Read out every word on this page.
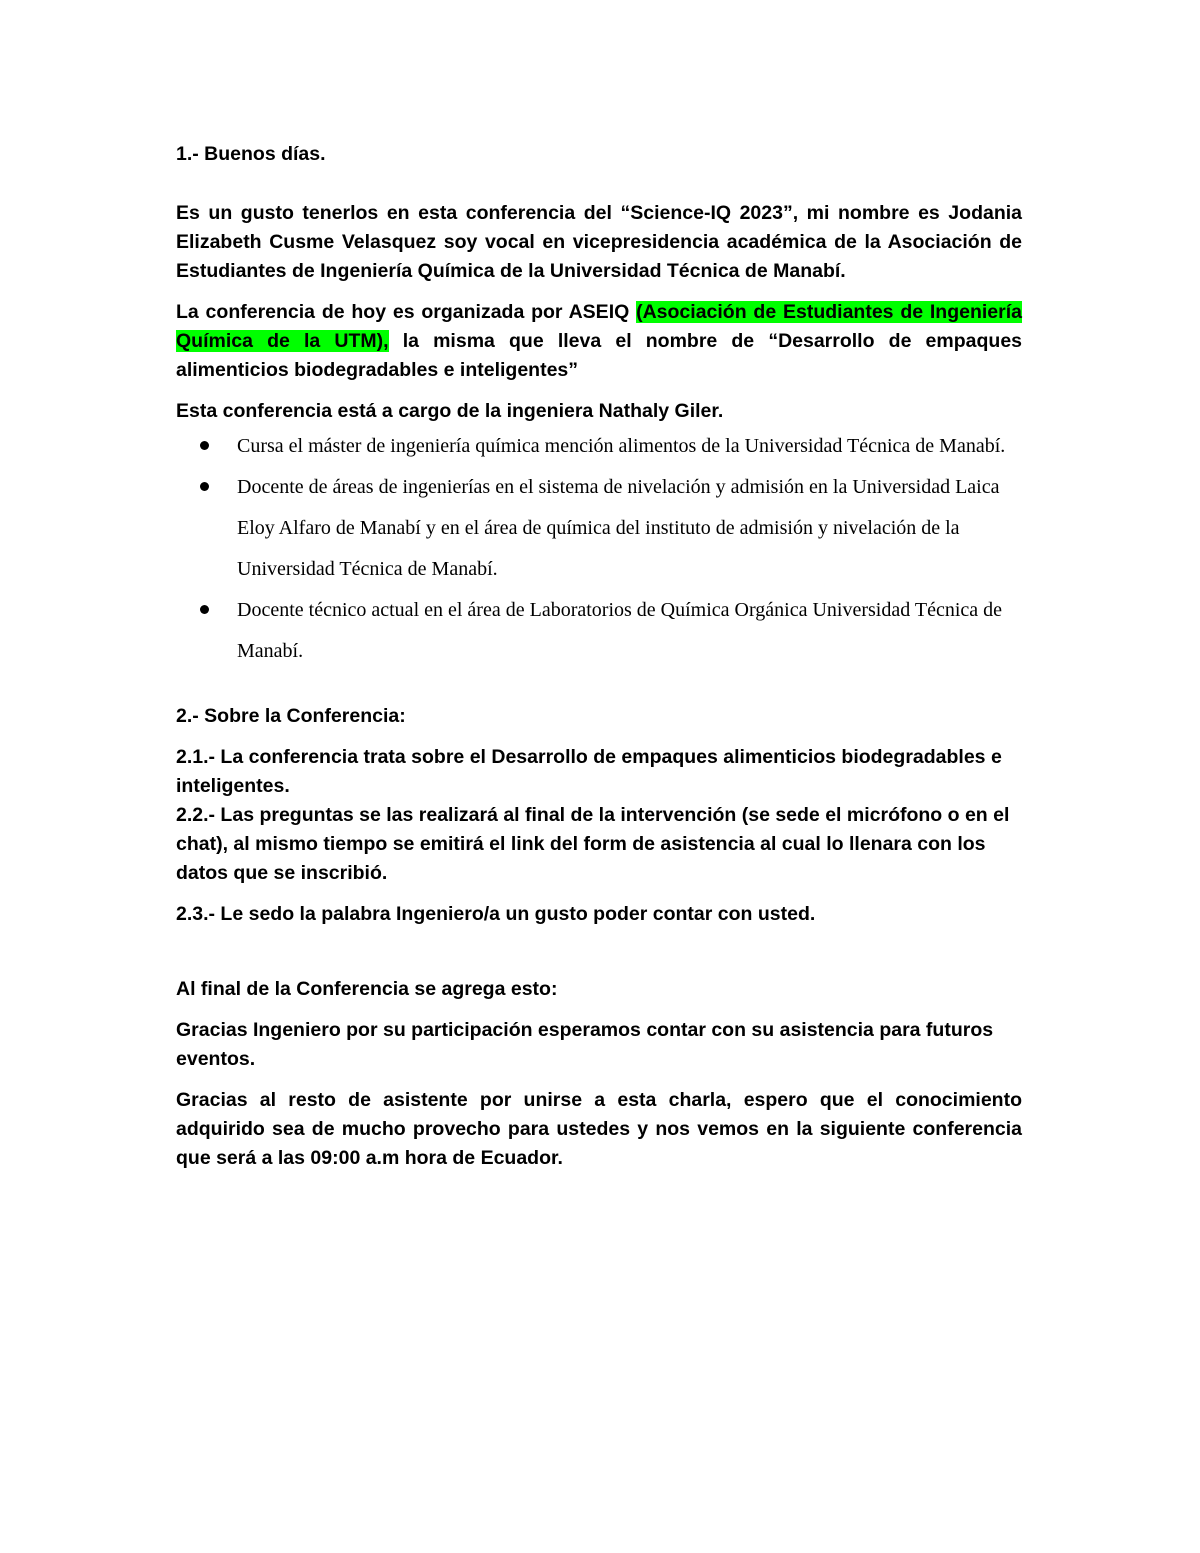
1.- Buenos días.

Es un gusto tenerlos en esta conferencia del “Science-IQ 2023”, mi nombre es Jodania Elizabeth Cusme Velasquez soy vocal en vicepresidencia académica de la Asociación de Estudiantes de Ingeniería Química de la Universidad Técnica de Manabí.

La conferencia de hoy es organizada por ASEIQ (Asociación de Estudiantes de Ingeniería Química de la UTM), la misma que lleva el nombre de “Desarrollo de empaques alimenticios biodegradables e inteligentes”

Esta conferencia está a cargo de la ingeniera Nathaly Giler.

Cursa el máster de ingeniería química mención alimentos de la Universidad Técnica de Manabí.
Docente de áreas de ingenierías en el sistema de nivelación y admisión en la Universidad Laica Eloy Alfaro de Manabí y en el área de química del instituto de admisión y nivelación de la Universidad Técnica de Manabí.
Docente técnico actual en el área de Laboratorios de Química Orgánica Universidad Técnica de Manabí.

2.- Sobre la Conferencia:

2.1.- La conferencia trata sobre el Desarrollo de empaques alimenticios biodegradables e inteligentes.

2.2.- Las preguntas se las realizará al final de la intervención (se sede el micrófono o en el chat), al mismo tiempo se emitirá el link del form de asistencia al cual lo llenara con los datos que se inscribió.

2.3.- Le sedo la palabra Ingeniero/a un gusto poder contar con usted.

Al final de la Conferencia se agrega esto:

Gracias Ingeniero por su participación esperamos contar con su asistencia para futuros eventos.

Gracias al resto de asistente por unirse a esta charla, espero que el conocimiento adquirido sea de mucho provecho para ustedes y nos vemos en la siguiente conferencia que será a las 09:00 a.m hora de Ecuador.
